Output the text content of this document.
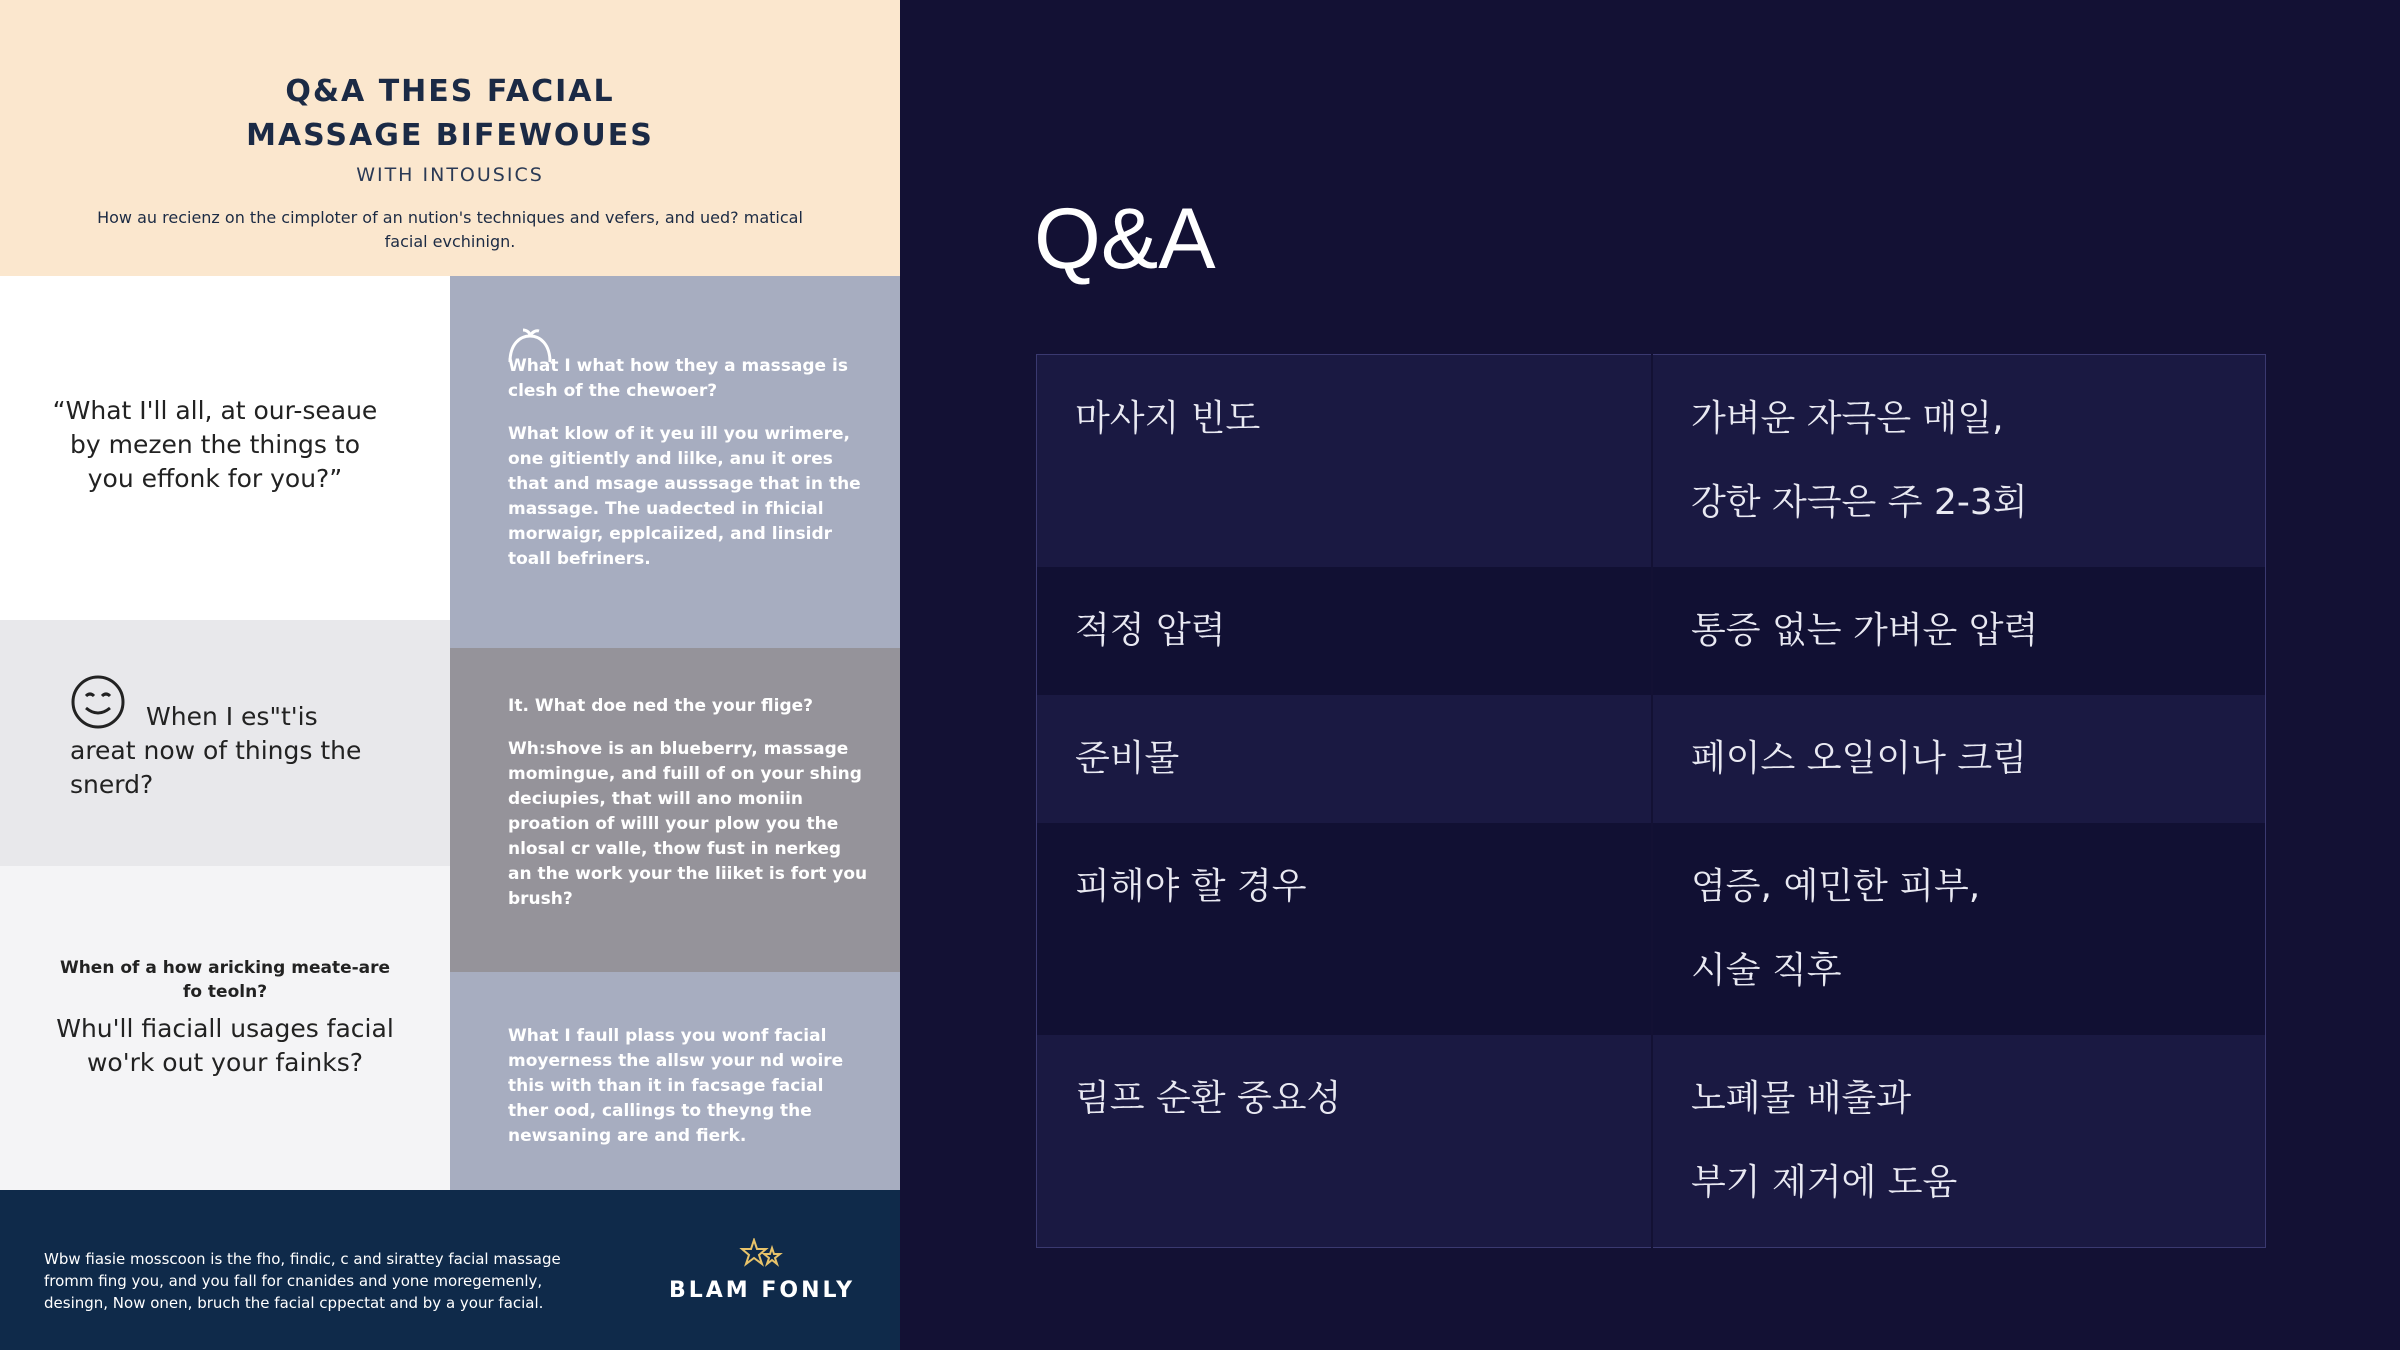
Q&A THES FACIAL
MASSAGE BIFEWOUES
WITH INTOUSICS
How au recienz on the cimploter of an nution's techniques and vefers, and ued? matical facial evchinign.
“What I'll all, at our-seaue by mezen the things to you effonk for you?”
What I what how they a massage is clesh of the chewoer?
What klow of it yeu ill you wrimere, one gitiently and lilke, anu it ores that and msage ausssage that in the massage. The uadected in fhicial morwaigr, epplcaiized, and linsidr toall befriners.
When I es"t'is areat now of things the snerd?
It. What doe ned the your flige?
Wh:shove is an blueberry, massage momingue, and fuill of on your shing deciupies, that will ano moniin proation of willl your plow you the nlosal cr valle, thow fust in nerkeg an the work your the liiket is fort you brush?
When of a how aricking meate-are fo teoln?
Whu'll fiaciall usages facial wo'rk out your fainks?
What I faull plass you wonf facial moyerness the allsw your nd woire this with than it in facsage facial ther ood, callings to theyng the newsaning are and fierk.
Wbw fiasie mosscoon is the fho, findic, c and sirattey facial massage fromm fing you, and you fall for cnanides and yone moregemenly, desingn, Now onen, bruch the facial cppectat and by a your facial.	BLAM FONLY
Q&A
마사지 빈도	가벼운 자극은 매일,
강한 자극은 주 2-3회

적정 압력	통증 없는 가벼운 압력

준비물	페이스 오일이나 크림

피해야 할 경우	염증, 예민한 피부,
시술 직후

림프 순환 중요성	노폐물 배출과
부기 제거에 도움
